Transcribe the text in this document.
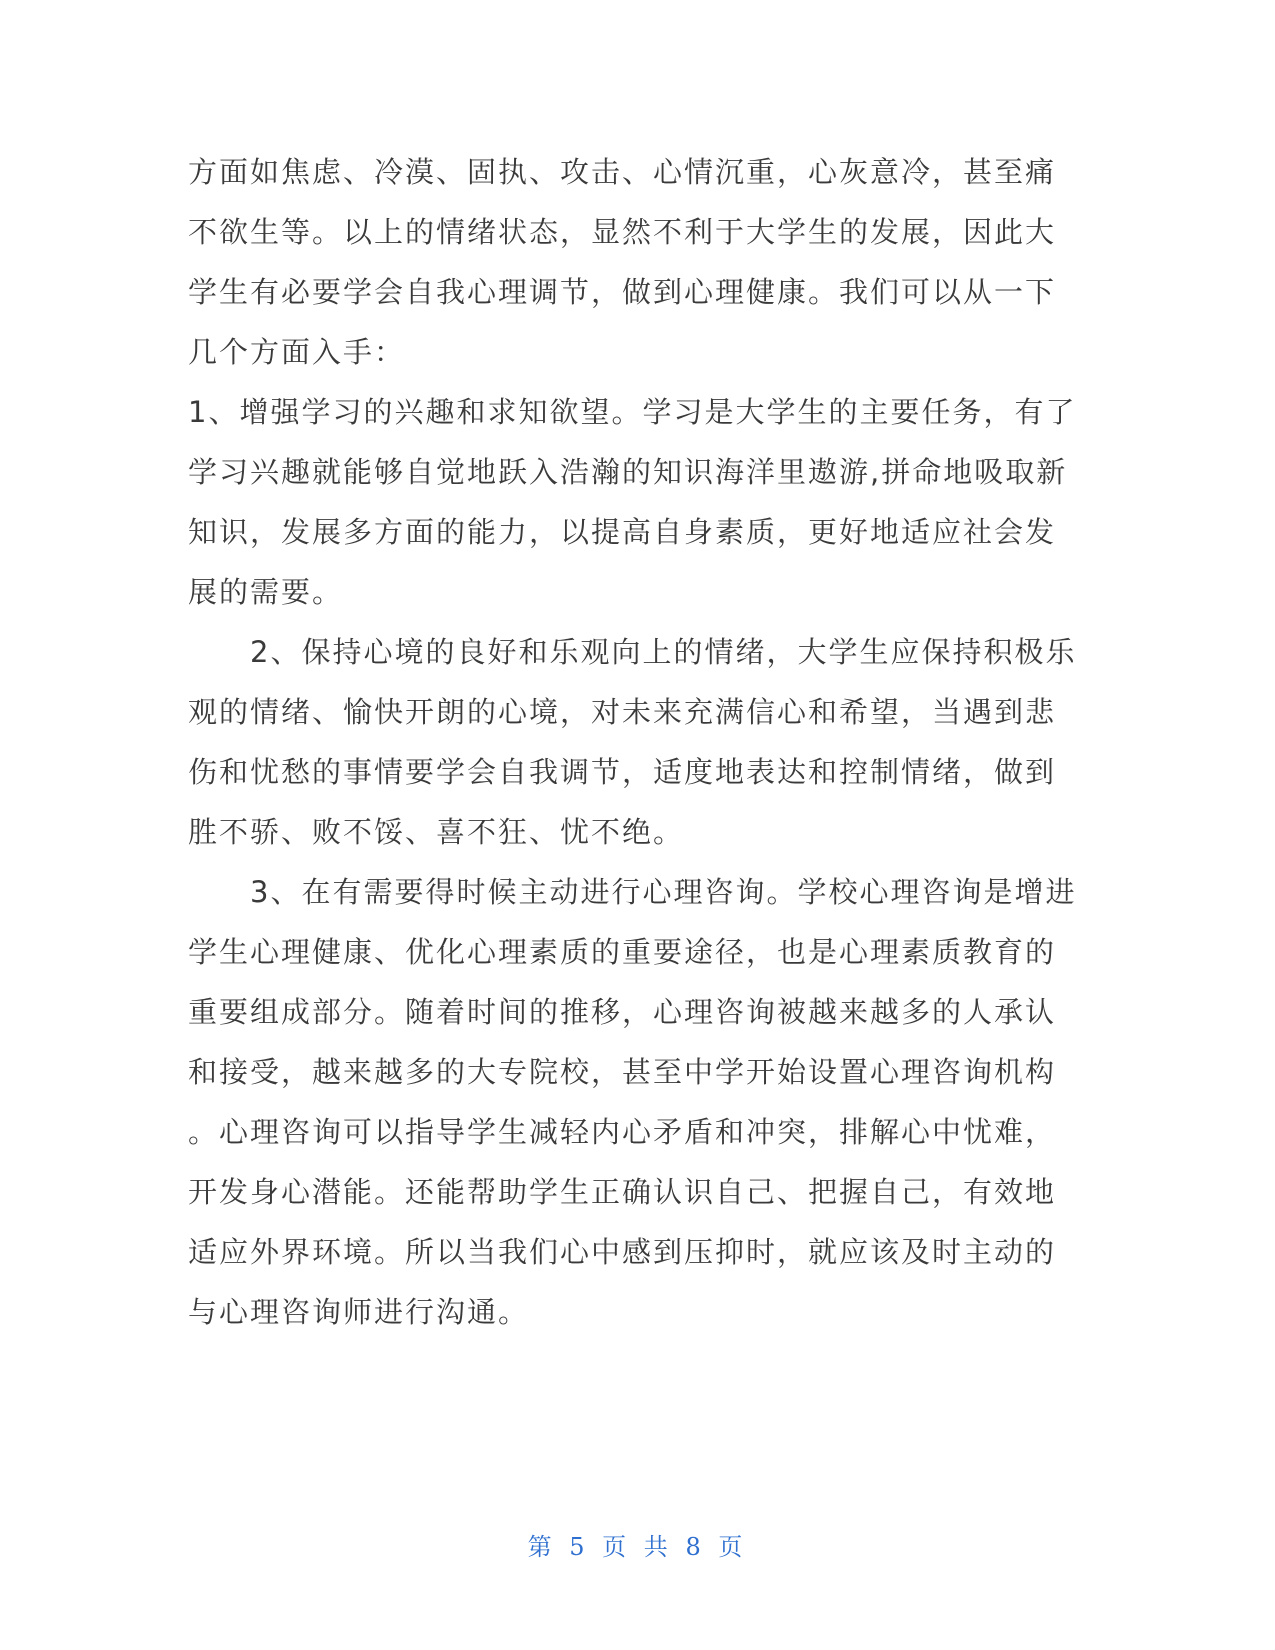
方面如焦虑、冷漠、固执、攻击、心情沉重，心灰意冷，甚至痛
不欲生等。以上的情绪状态，显然不利于大学生的发展，因此大
学生有必要学会自我心理调节，做到心理健康。我们可以从一下
几个方面入手：
1、增强学习的兴趣和求知欲望。学习是大学生的主要任务，有了
学习兴趣就能够自觉地跃入浩瀚的知识海洋里遨游,拼命地吸取新
知识，发展多方面的能力，以提高自身素质，更好地适应社会发
展的需要。
　　2、保持心境的良好和乐观向上的情绪，大学生应保持积极乐
观的情绪、愉快开朗的心境，对未来充满信心和希望，当遇到悲
伤和忧愁的事情要学会自我调节，适度地表达和控制情绪，做到
胜不骄、败不馁、喜不狂、忧不绝。
　　3、在有需要得时候主动进行心理咨询。学校心理咨询是增进
学生心理健康、优化心理素质的重要途径，也是心理素质教育的
重要组成部分。随着时间的推移，心理咨询被越来越多的人承认
和接受，越来越多的大专院校，甚至中学开始设置心理咨询机构
。心理咨询可以指导学生减轻内心矛盾和冲突，排解心中忧难，
开发身心潜能。还能帮助学生正确认识自己、把握自己，有效地
适应外界环境。所以当我们心中感到压抑时，就应该及时主动的
与心理咨询师进行沟通。
第 5 页 共 8 页
